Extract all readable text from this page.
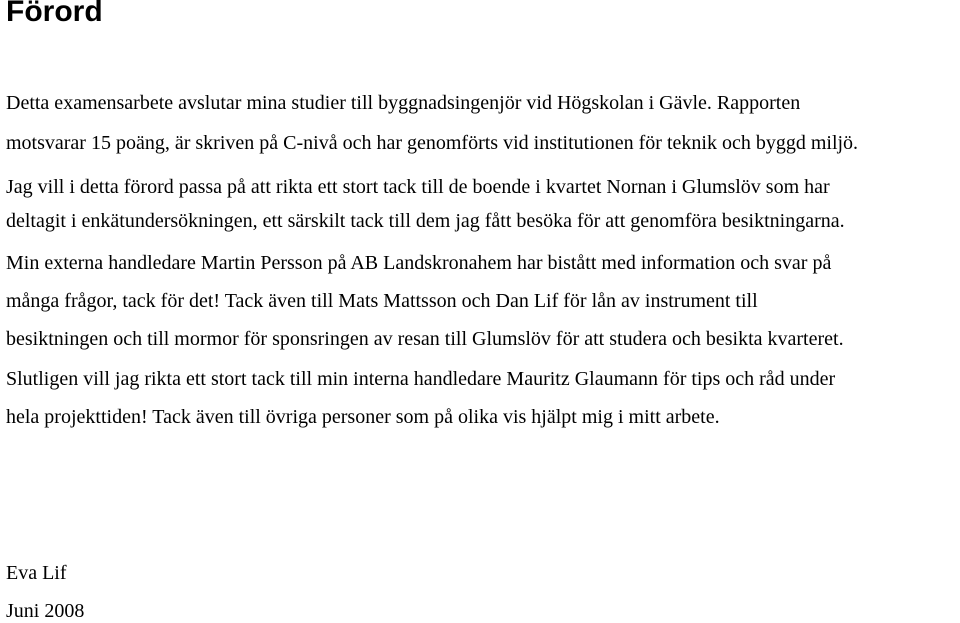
Förord

Detta examensarbete avslutar mina studier till byggnadsingenjör vid Högskolan i Gävle. Rapporten

motsvarar 15 poäng, är skriven på C-nivå och har genomförts vid institutionen för teknik och byggd miljö.

Jag vill i detta förord passa på att rikta ett stort tack till de boende i kvartet Nornan i Glumslöv som har

deltagit i enkätundersökningen, ett särskilt tack till dem jag fått besöka för att genomföra besiktningarna.

Min externa handledare Martin Persson på AB Landskronahem har bistått med information och svar på

många frågor, tack för det! Tack även till Mats Mattsson och Dan Lif för lån av instrument till

besiktningen och till mormor för sponsringen av resan till Glumslöv för att studera och besikta kvarteret.

Slutligen vill jag rikta ett stort tack till min interna handledare Mauritz Glaumann för tips och råd under

hela projekttiden! Tack även till övriga personer som på olika vis hjälpt mig i mitt arbete.

Eva Lif

Juni 2008
